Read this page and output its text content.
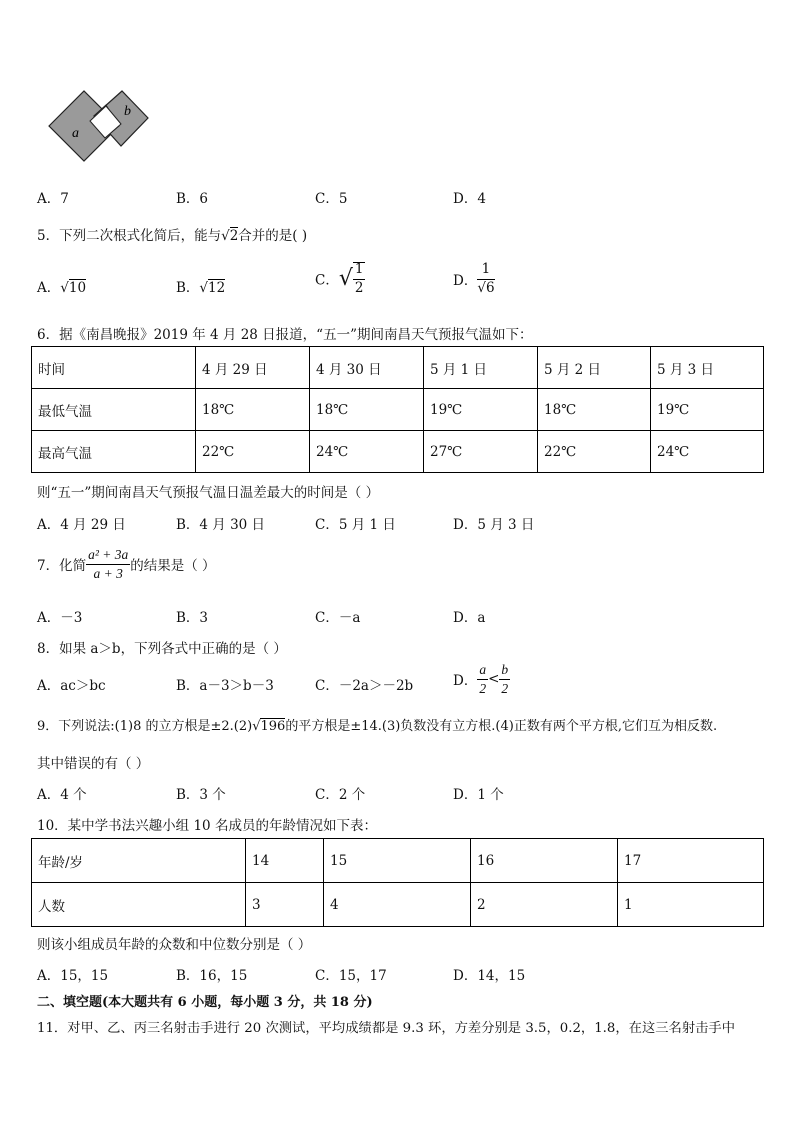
a
b
A．7	B．6	C．5	D．4
5．下列二次根式化简后，能与√2合并的是( )
A．√10	B．√12	C．√ $\frac{1}{2}$	D． $\frac{1}{√6}$
6．据《南昌晚报》2019 年 4 月 28 日报道，“五一”期间南昌天气预报气温如下：
时间	4 月 29 日	4 月 30 日	5 月 1 日	5 月 2 日	5 月 3 日
最低气温	18℃	18℃	19℃	18℃	19℃
最高气温	22℃	24℃	27℃	22℃	24℃
则“五一”期间南昌天气预报气温日温差最大的时间是（ ）
A．4 月 29 日	B．4 月 30 日	C．5 月 1 日	D．5 月 3 日
7．化简 $\frac{\text{a² + 3a}}{a + 3}$ 的结果是（ ）
A．－3	B．3	C．－a	D．a
8．如果 a＞b，下列各式中正确的是（ ）
A．ac＞bc	B．a－3＞b－3	C．－2a＞－2b	D． $\frac{a}{2} < \frac{b}{2}$
9．下列说法:(1)8 的立方根是±2.(2)√196的平方根是±14.(3)负数没有立方根.(4)正数有两个平方根,它们互为相反数.
其中错误的有（ ）
A．4 个	B．3 个	C．2 个	D．1 个
10．某中学书法兴趣小组 10 名成员的年龄情况如下表：
年龄/岁	14	15	16	17
人数	3	4	2	1
则该小组成员年龄的众数和中位数分别是（ ）
A．15，15	B．16，15	C．15，17	D．14，15
二、填空题(本大题共有 6 小题，每小题 3 分，共 18 分)
11．对甲、乙、丙三名射击手进行 20 次测试，平均成绩都是 9.3 环，方差分别是 3.5，0.2，1.8，在这三名射击手中
